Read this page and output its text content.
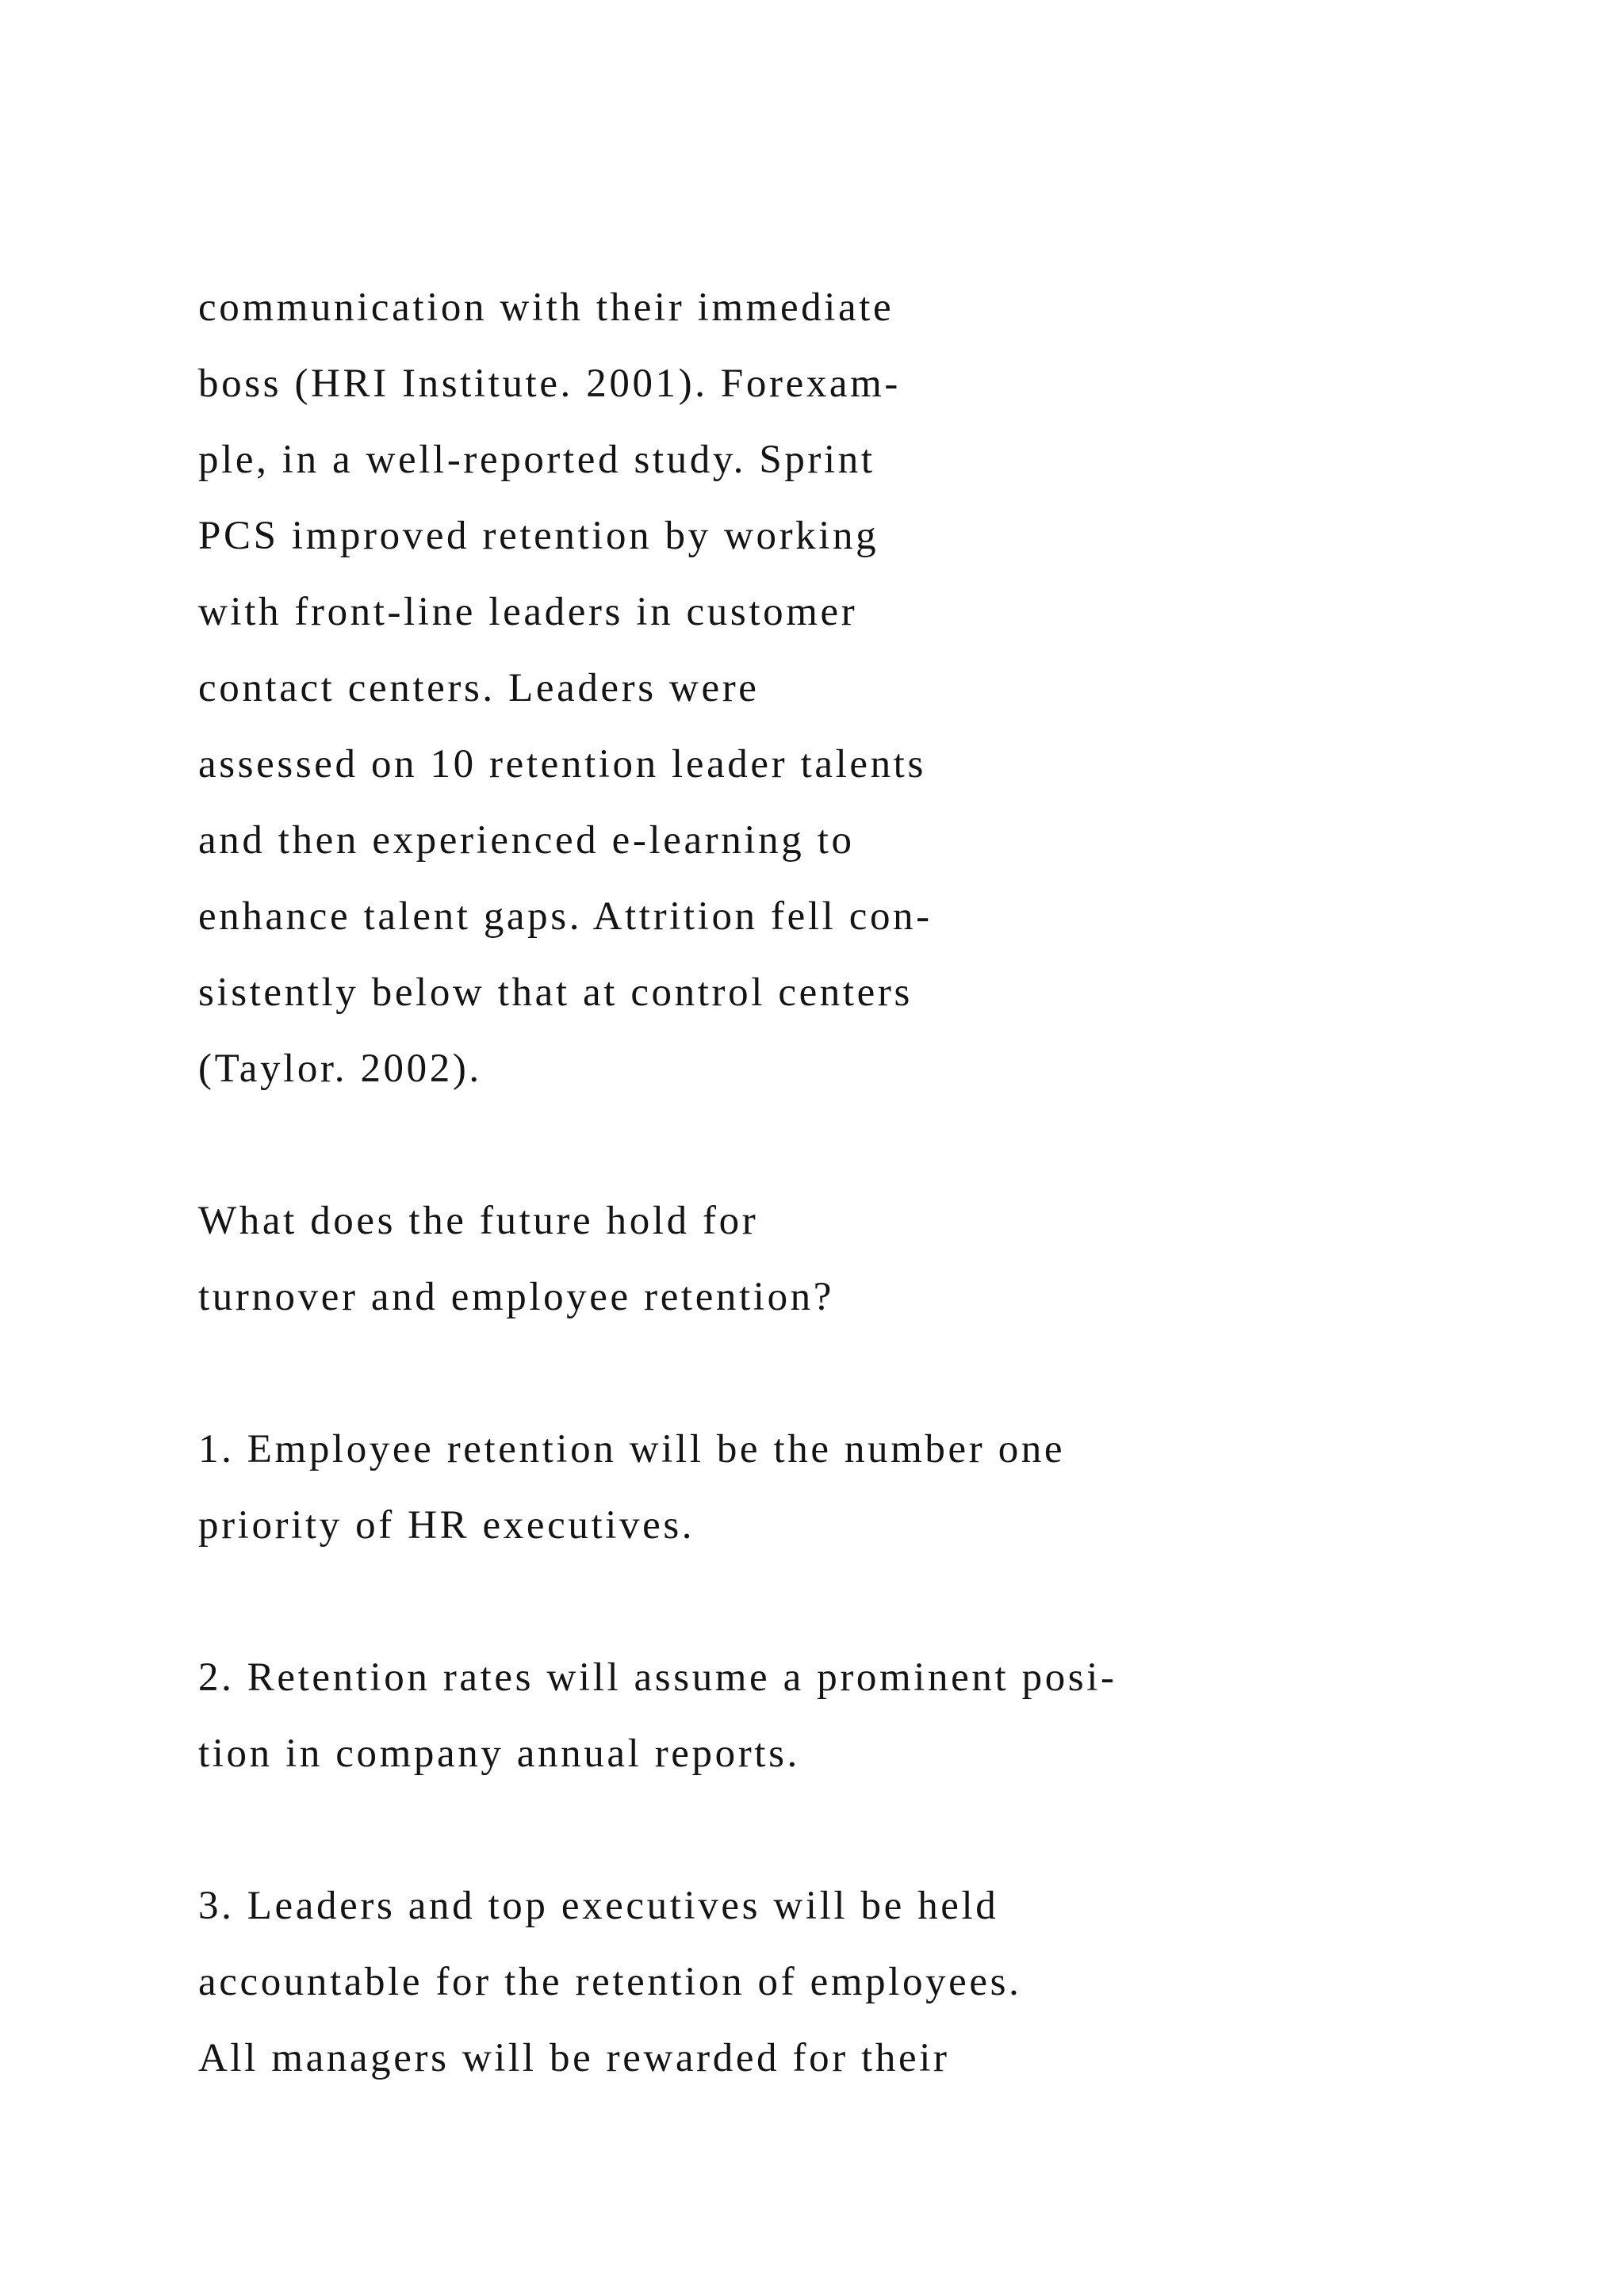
communication with their immediate

boss (HRI Institute. 2001). Forexam-

ple, in a well-reported study. Sprint

PCS improved retention by working

with front-line leaders in customer

contact centers. Leaders were

assessed on 10 retention leader talents

and then experienced e-learning to

enhance talent gaps. Attrition fell con-

sistently below that at control centers

(Taylor. 2002).

What does the future hold for

turnover and employee retention?

1. Employee retention will be the number one

priority of HR executives.

2. Retention rates will assume a prominent posi-

tion in company annual reports.

3. Leaders and top executives will be held

accountable for the retention of employees.

All managers will be rewarded for their
